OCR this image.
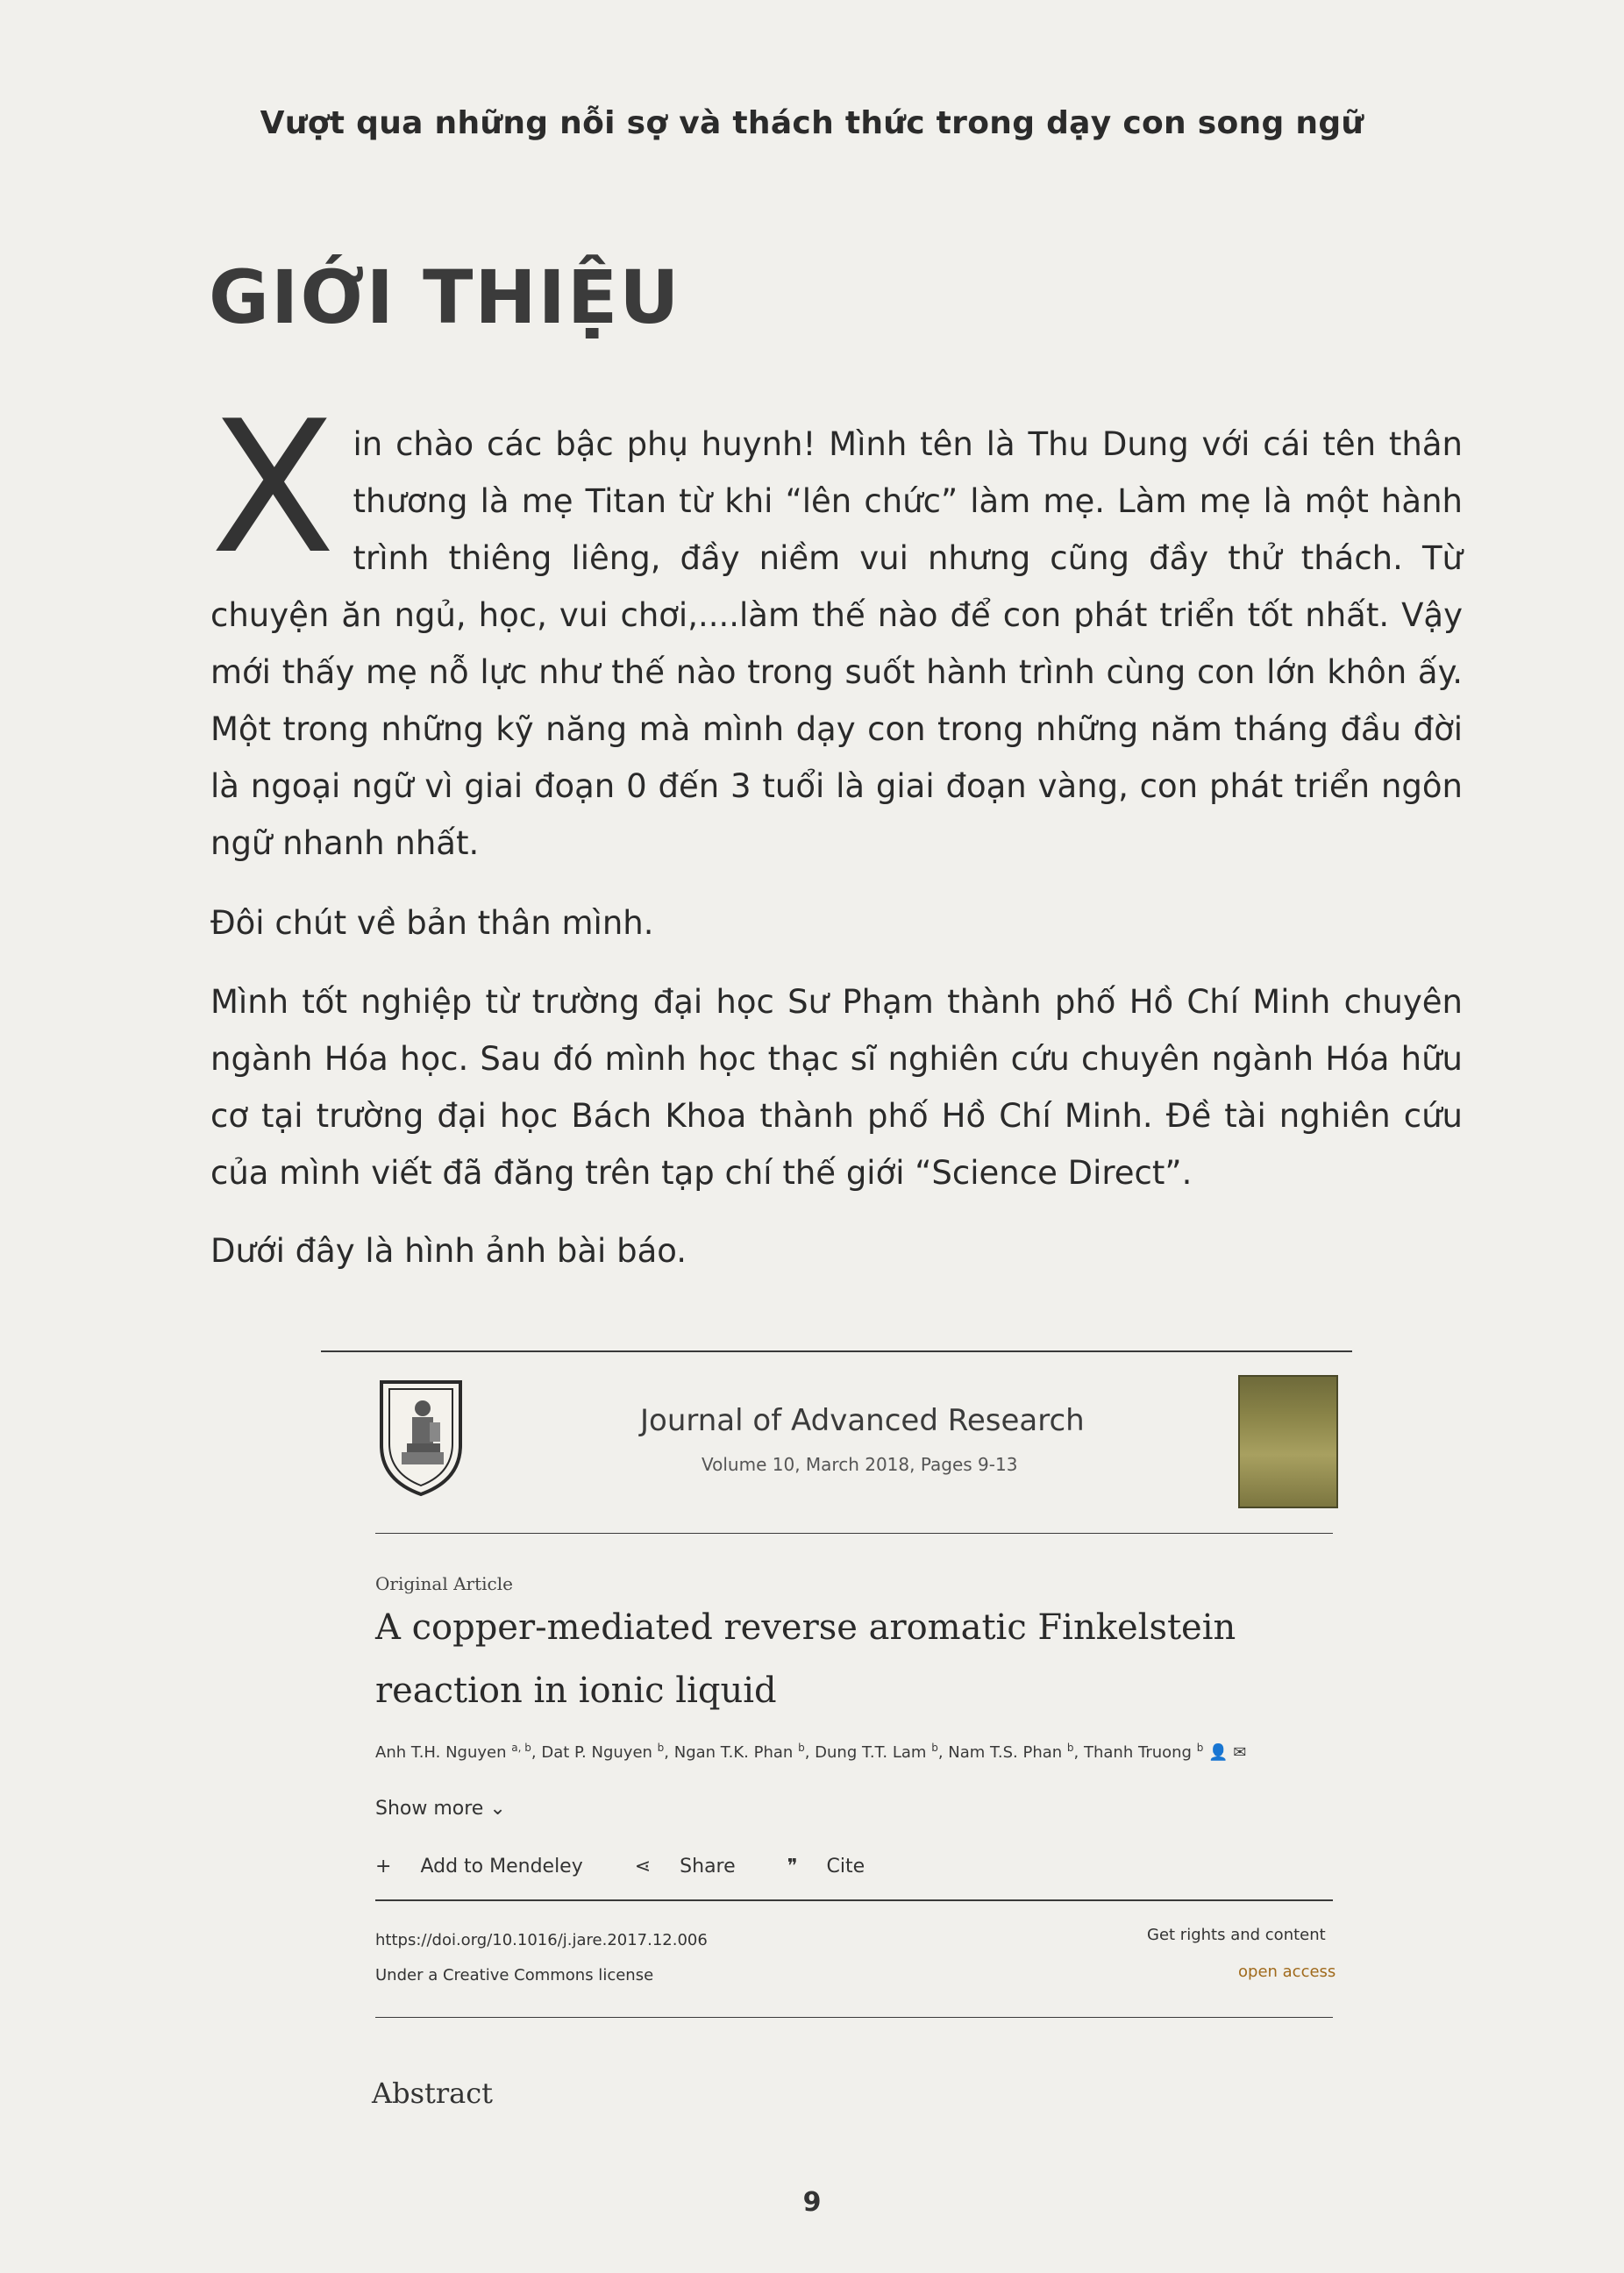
Vượt qua những nỗi sợ và thách thức trong dạy con song ngữ
GIỚI THIỆU
Xin chào các bậc phụ huynh! Mình tên là Thu Dung với cái tên thân thương là mẹ Titan từ khi “lên chức” làm mẹ. Làm mẹ là một hành trình thiêng liêng, đầy niềm vui nhưng cũng đầy thử thách. Từ chuyện ăn ngủ, học, vui chơi,....làm thế nào để con phát triển tốt nhất. Vậy mới thấy mẹ nỗ lực như thế nào trong suốt hành trình cùng con lớn khôn ấy. Một trong những kỹ năng mà mình dạy con trong những năm tháng đầu đời là ngoại ngữ vì giai đoạn 0 đến 3 tuổi là giai đoạn vàng, con phát triển ngôn ngữ nhanh nhất.
Đôi chút về bản thân mình.
Mình tốt nghiệp từ trường đại học Sư Phạm thành phố Hồ Chí Minh chuyên ngành Hóa học. Sau đó mình học thạc sĩ nghiên cứu chuyên ngành Hóa hữu cơ tại trường đại học Bách Khoa thành phố Hồ Chí Minh. Đề tài nghiên cứu của mình viết đã đăng trên tạp chí thế giới “Science Direct”.
Dưới đây là hình ảnh bài báo.
Journal of Advanced Research
Volume 10, March 2018, Pages 9-13
Original Article
A copper-mediated reverse aromatic Finkelstein reaction in ionic liquid
Anh T.H. Nguyen $^{a, b}$, Dat P. Nguyen $^b$, Ngan T.K. Phan $^b$, Dung T.T. Lam $^b$, Nam T.S. Phan $^b$, Thanh Truong $^b$ 👤 ✉
Show more ⌄
+ Add to Mendeley	⋖ Share	❞ Cite
https://doi.org/10.1016/j.jare.2017.12.006
Under a Creative Commons license
Get rights and content
open access
Abstract
9
